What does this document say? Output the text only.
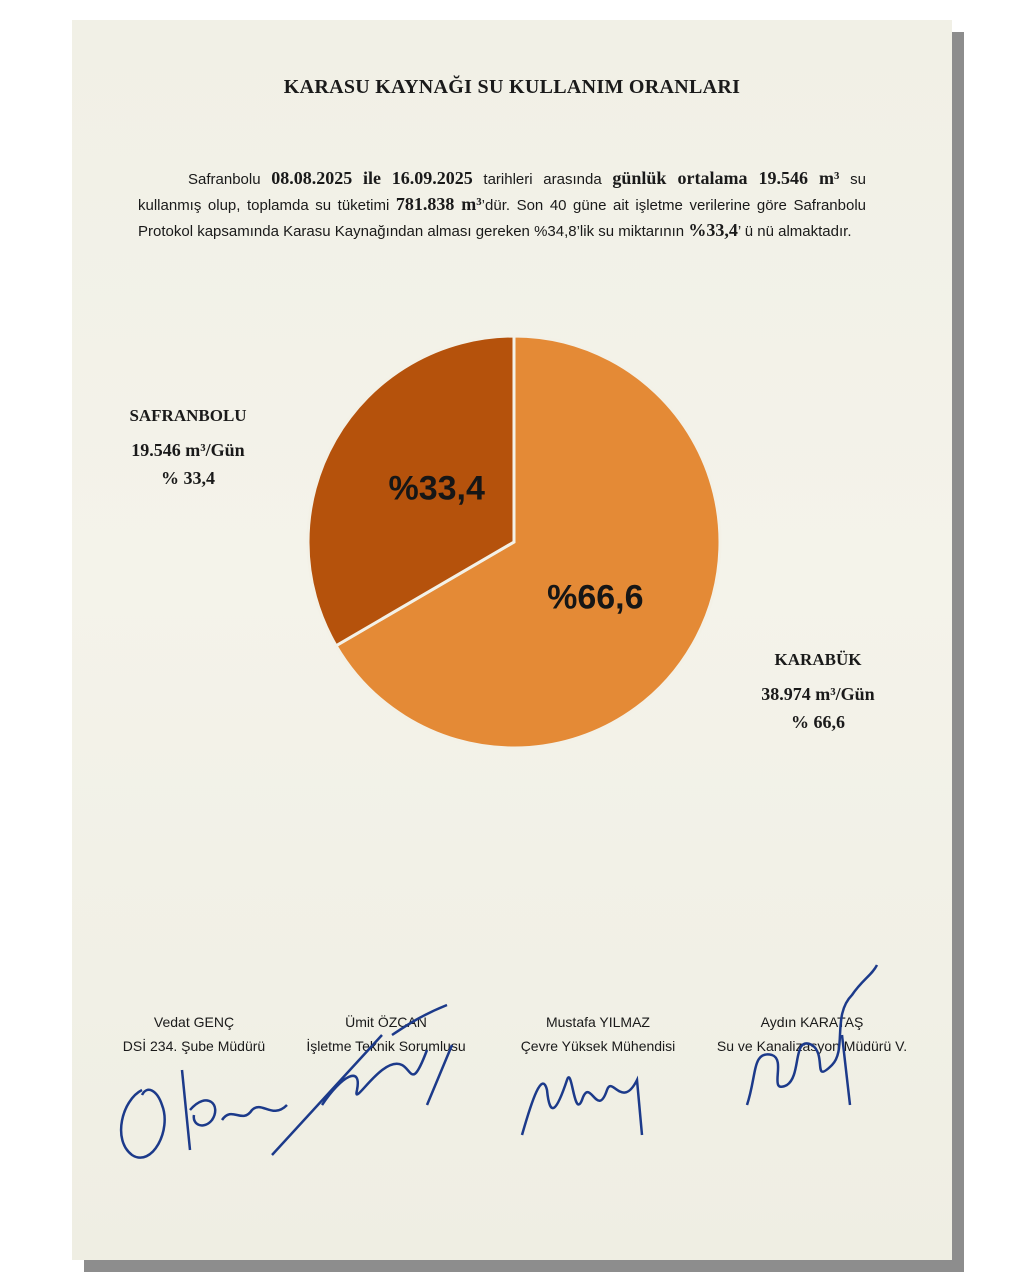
KARASU KAYNAĞI SU KULLANIM ORANLARI
Safranbolu 08.08.2025 ile 16.09.2025 tarihleri arasında günlük ortalama 19.546 m³ su kullanmış olup, toplamda su tüketimi 781.838 m³’dür. Son 40 güne ait işletme verilerine göre Safranbolu Protokol kapsamında Karasu Kaynağından alması gereken %34,8’lik su miktarının %33,4’ ü nü almaktadır.
SAFRANBOLU
19.546 m³/Gün
% 33,4
KARABÜK
38.974 m³/Gün
% 66,6
%66,6
%33,4
Vedat GENÇ
DSİ 234. Şube Müdürü
Ümit ÖZCAN
İşletme Teknik Sorumlusu
Mustafa YILMAZ
Çevre Yüksek Mühendisi
Aydın KARATAŞ
Su ve Kanalizasyon Müdürü V.
